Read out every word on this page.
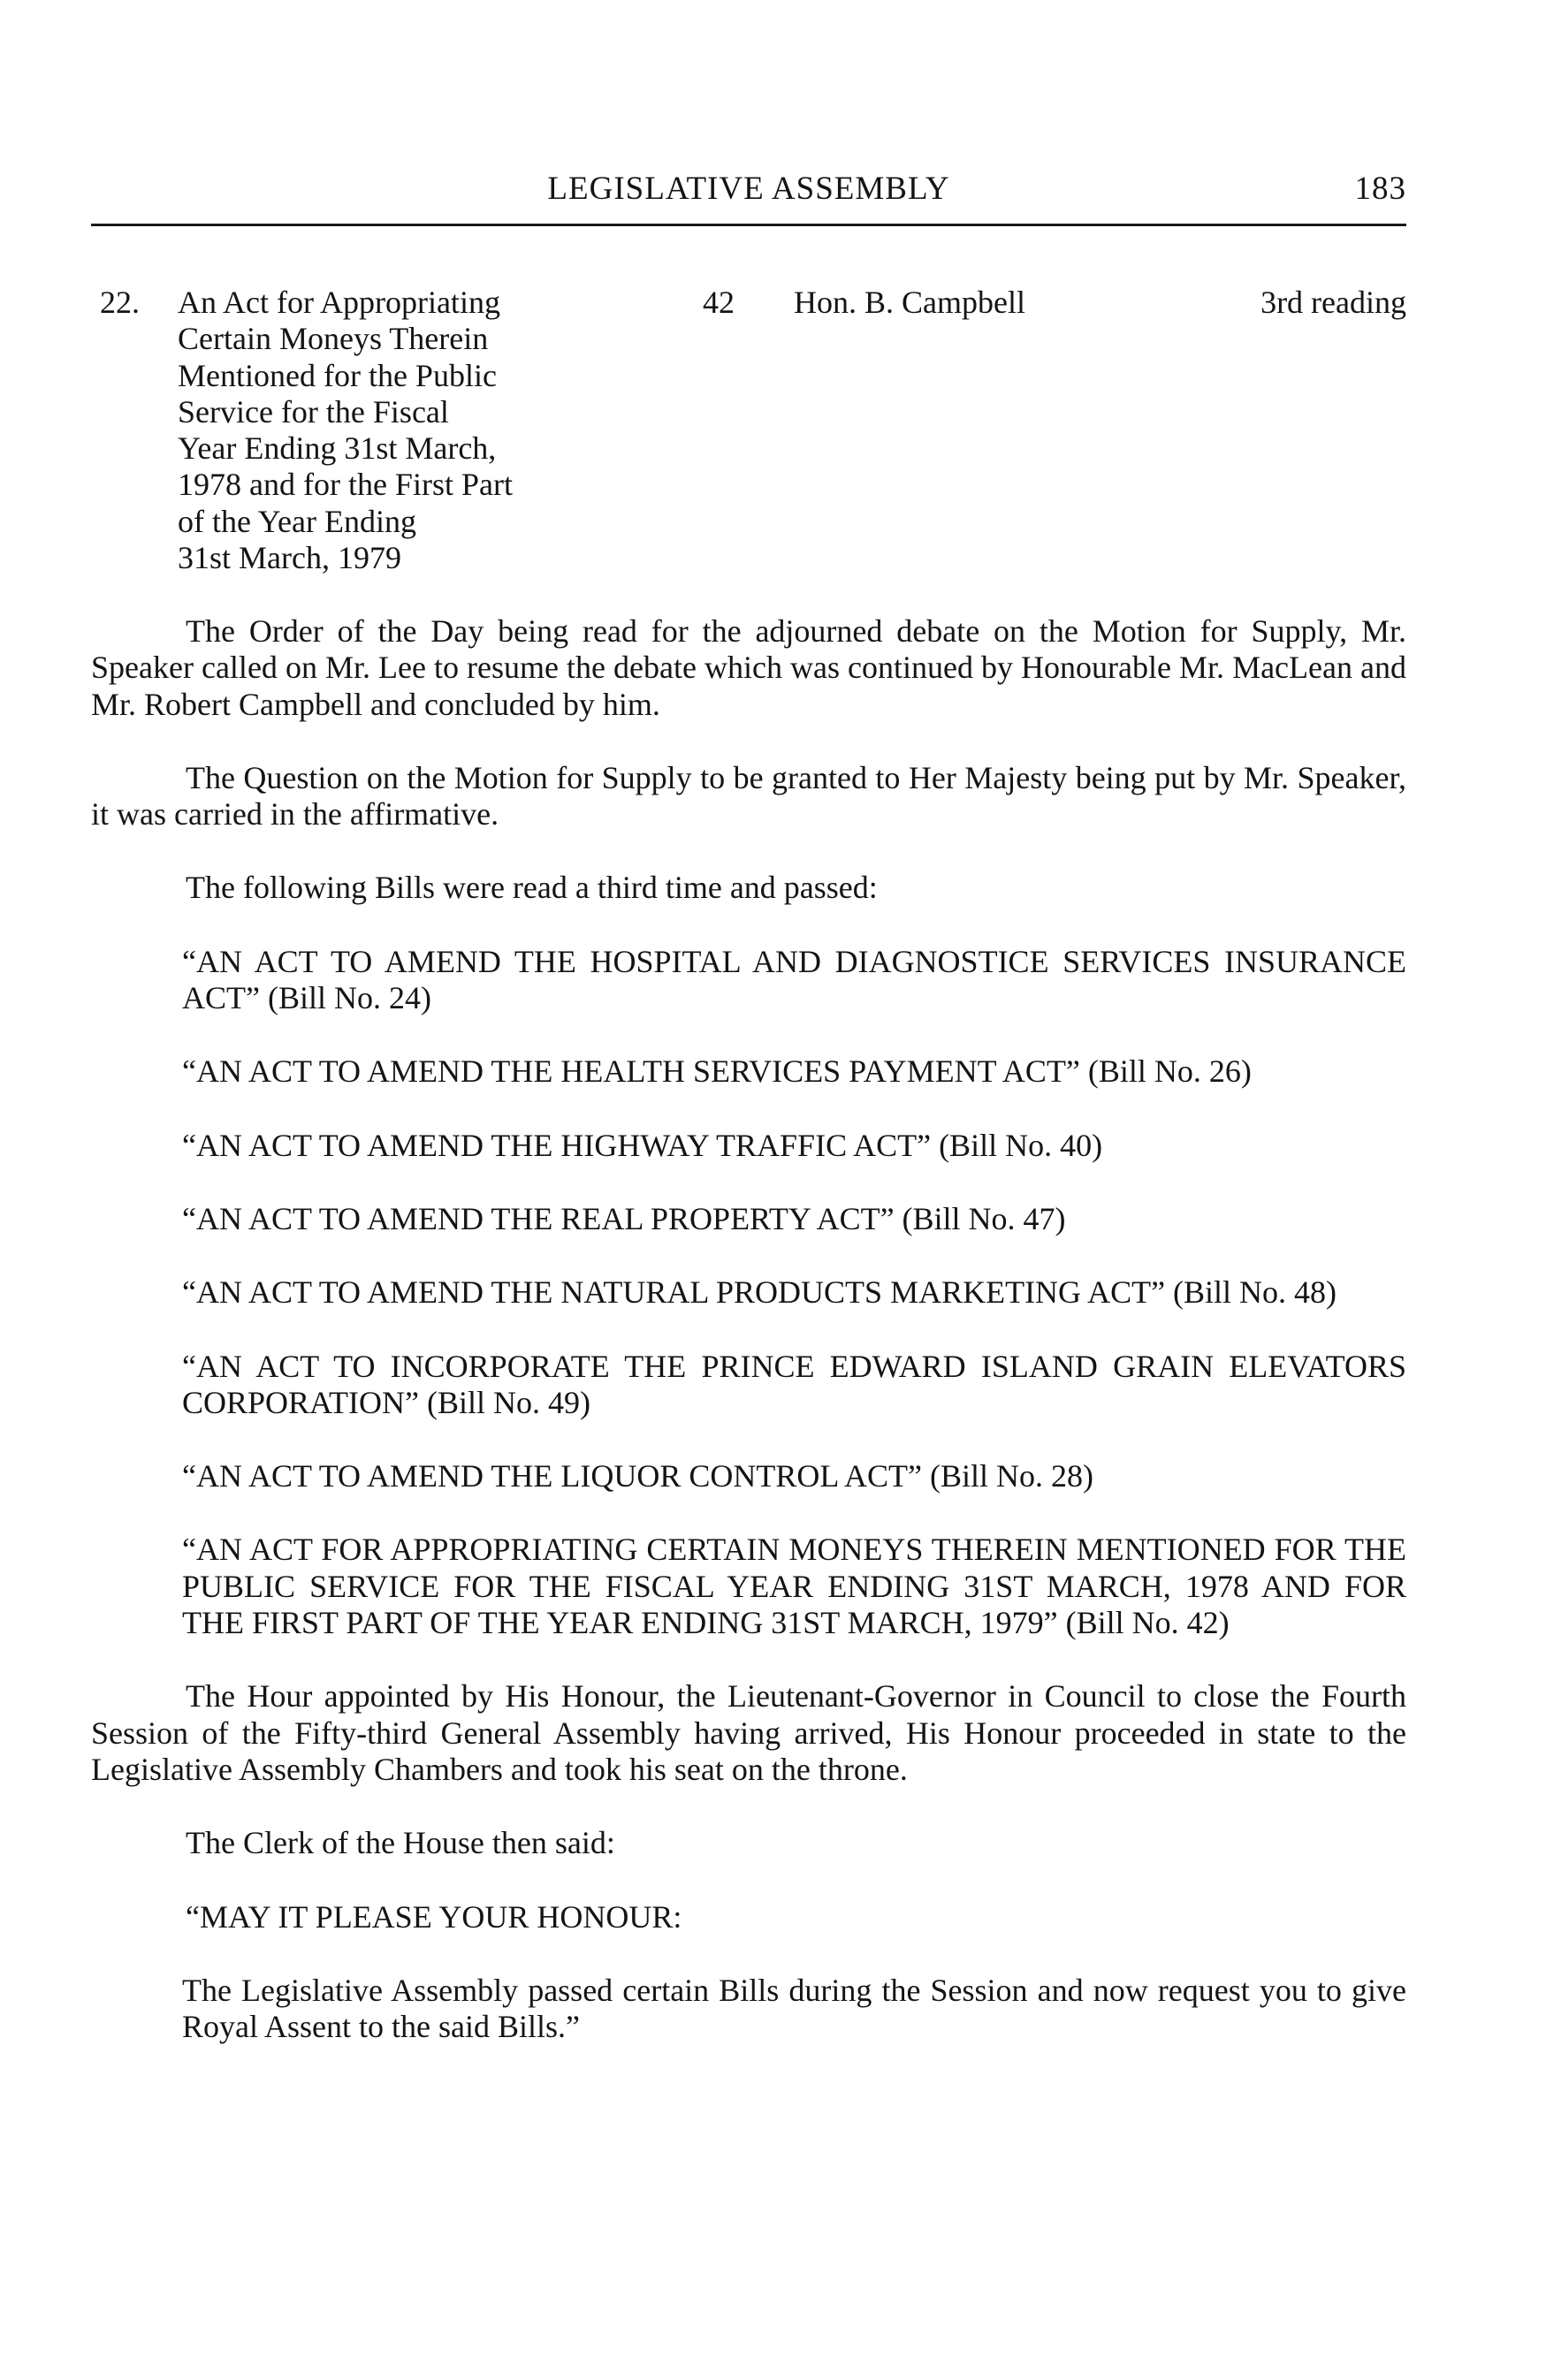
LEGISLATIVE ASSEMBLY	183
22. An Act for Appropriating
Certain Moneys Therein
Mentioned for the Public
Service for the Fiscal
Year Ending 31st March,
1978 and for the First Part
of the Year Ending
31st March, 1979
42 Hon. B. Campbell	3rd reading

The Order of the Day being read for the adjourned debate on the Motion for Supply, Mr. Speaker called on Mr. Lee to resume the debate which was continued by Honourable Mr. MacLean and Mr. Robert Campbell and concluded by him.

The Question on the Motion for Supply to be granted to Her Majesty being put by Mr. Speaker, it was carried in the affirmative.

The following Bills were read a third time and passed:

“AN ACT TO AMEND THE HOSPITAL AND DIAGNOSTICE SERVICES INSURANCE ACT” (Bill No. 24)

“AN ACT TO AMEND THE HEALTH SERVICES PAYMENT ACT” (Bill No. 26)

“AN ACT TO AMEND THE HIGHWAY TRAFFIC ACT” (Bill No. 40)

“AN ACT TO AMEND THE REAL PROPERTY ACT” (Bill No. 47)

“AN ACT TO AMEND THE NATURAL PRODUCTS MARKETING ACT” (Bill No. 48)

“AN ACT TO INCORPORATE THE PRINCE EDWARD ISLAND GRAIN ELEVATORS CORPORATION” (Bill No. 49)

“AN ACT TO AMEND THE LIQUOR CONTROL ACT” (Bill No. 28)

“AN ACT FOR APPROPRIATING CERTAIN MONEYS THEREIN MENTIONED FOR THE PUBLIC SERVICE FOR THE FISCAL YEAR ENDING 31ST MARCH, 1978 AND FOR THE FIRST PART OF THE YEAR ENDING 31ST MARCH, 1979” (Bill No. 42)

The Hour appointed by His Honour, the Lieutenant-Governor in Council to close the Fourth Session of the Fifty-third General Assembly having arrived, His Honour proceeded in state to the Legislative Assembly Chambers and took his seat on the throne.

The Clerk of the House then said:

“MAY IT PLEASE YOUR HONOUR:

The Legislative Assembly passed certain Bills during the Session and now request you to give Royal Assent to the said Bills.”
